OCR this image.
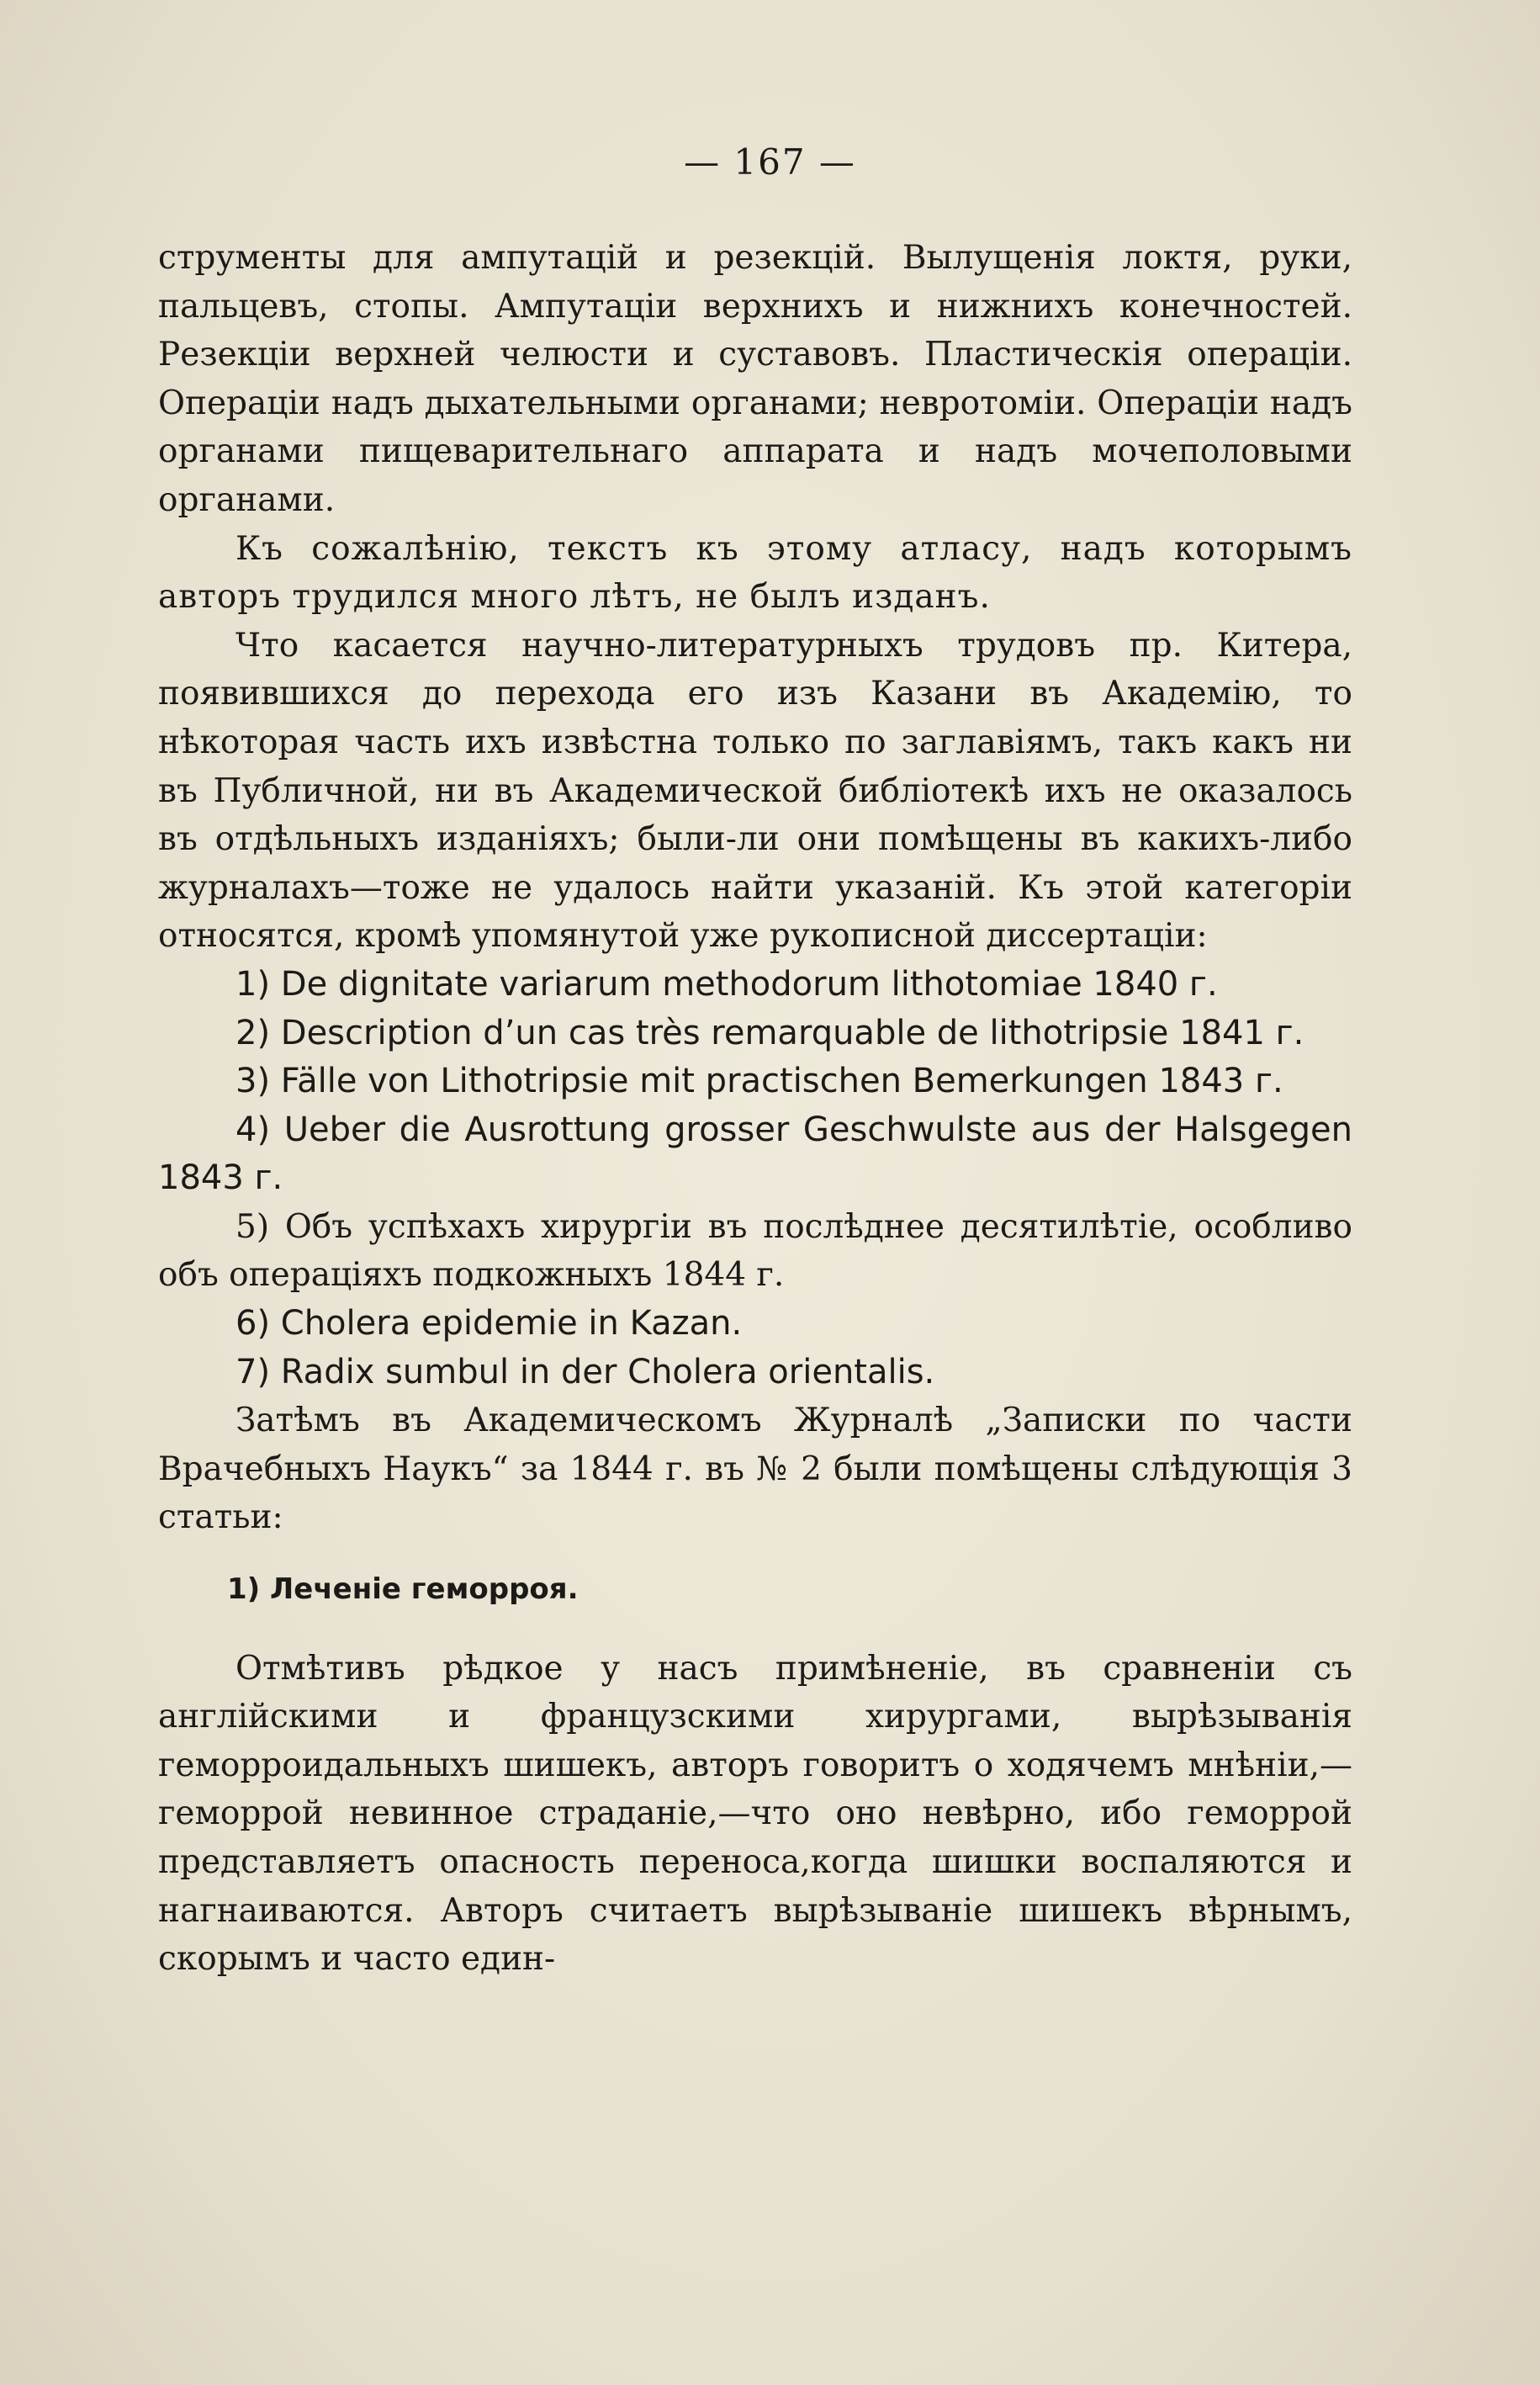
— 167 —

струменты для ампутацій и резекцій. Вылущенія локтя, руки, пальцевъ, стопы. Ампутаціи верхнихъ и нижнихъ конечностей. Резекціи верхней челюсти и суставовъ. Пластическія операціи. Операціи надъ дыхательными органами; невротоміи. Операціи надъ органами пищеварительнаго аппарата и надъ мочеполовыми органами.

Къ сожалѣнію, текстъ къ этому атласу, надъ которымъ авторъ трудился много лѣтъ, не былъ изданъ.

Что касается научно-литературныхъ трудовъ пр. Китера, появившихся до перехода его изъ Казани въ Академію, то нѣкоторая часть ихъ извѣстна только по заглавіямъ, такъ какъ ни въ Публичной, ни въ Академической библіотекѣ ихъ не оказалось въ отдѣльныхъ изданіяхъ; были-ли они помѣщены въ какихъ-либо журналахъ—тоже не удалось найти указаній. Къ этой категоріи относятся, кромѣ упомянутой уже рукописной диссертаціи:

1) De dignitate variarum methodorum lithotomiae 1840 г.

2) Description d’un cas très remarquable de lithotripsie 1841 г.

3) Fälle von Lithotripsie mit practischen Bemerkungen 1843 г.

4) Ueber die Ausrottung grosser Geschwulste aus der Halsgegen 1843 г.

5) Объ успѣхахъ хирургіи въ послѣднее десятилѣтіе, особливо объ операціяхъ подкожныхъ 1844 г.

6) Cholera epidemie in Kazan.

7) Radix sumbul in der Cholera orientalis.

Затѣмъ въ Академическомъ Журналѣ „Записки по части Врачебныхъ Наукъ“ за 1844 г. въ № 2 были помѣщены слѣдующія 3 статьи:

1) Леченіе геморроя.

Отмѣтивъ рѣдкое у насъ примѣненіе, въ сравненіи съ англійскими и французскими хирургами, вырѣзыванія геморроидальныхъ шишекъ, авторъ говоритъ о ходячемъ мнѣніи,—геморрой невинное страданіе,—что оно невѣрно, ибо геморрой представляетъ опасность переноса,когда шишки воспаляются и нагнаиваются. Авторъ считаетъ вырѣзываніе шишекъ вѣрнымъ, скорымъ и часто един-
